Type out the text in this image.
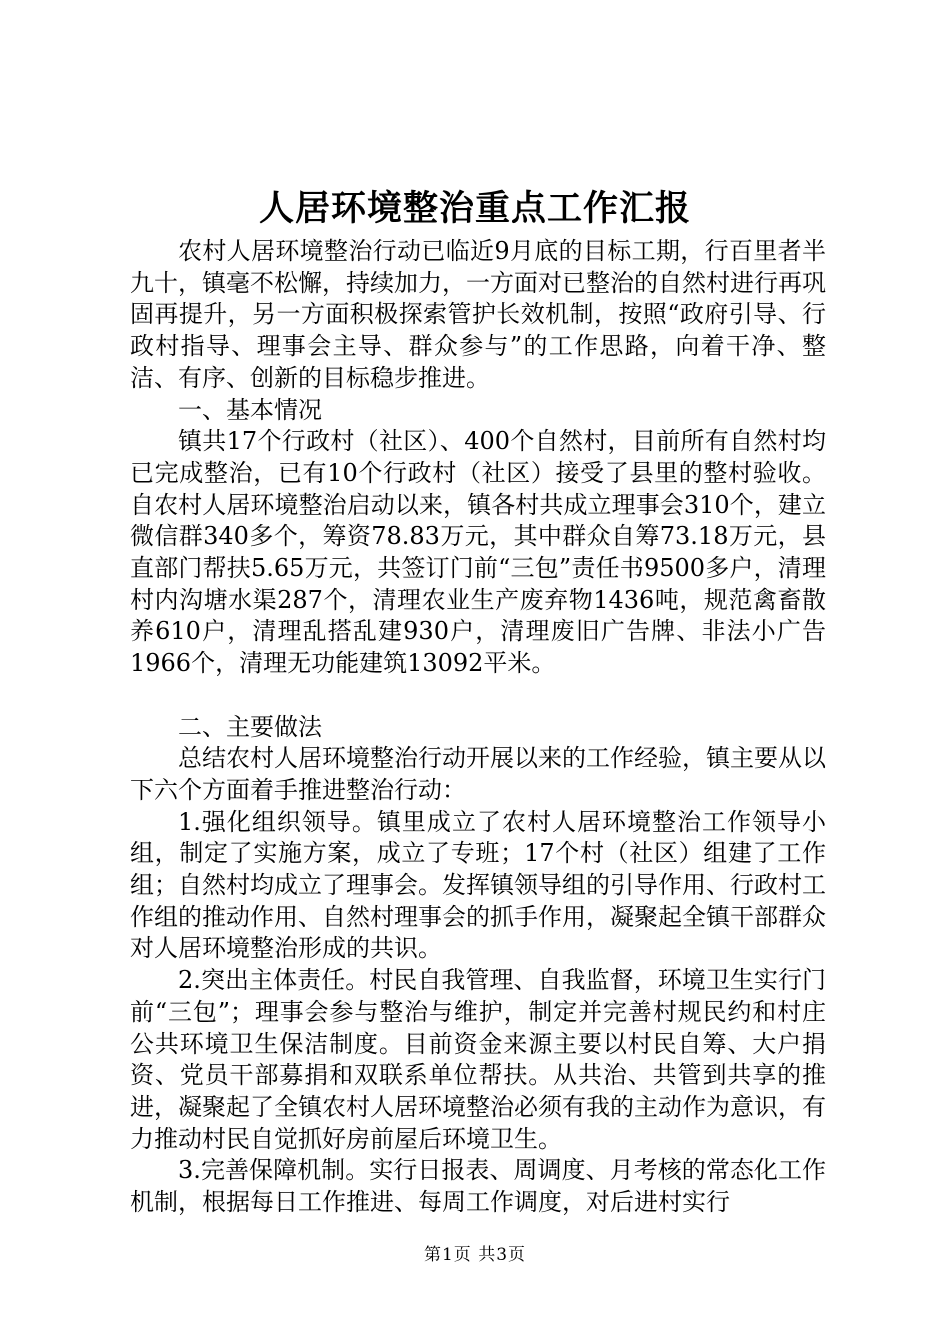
人居环境整治重点工作汇报

农村人居环境整治行动已临近9月底的目标工期，行百里者半九十，镇毫不松懈，持续加力，一方面对已整治的自然村进行再巩固再提升，另一方面积极探索管护长效机制，按照“政府引导、行政村指导、理事会主导、群众参与”的工作思路，向着干净、整洁、有序、创新的目标稳步推进。

一、基本情况

镇共17个行政村（社区）、400个自然村，目前所有自然村均已完成整治，已有10个行政村（社区）接受了县里的整村验收。自农村人居环境整治启动以来，镇各村共成立理事会310个，建立微信群340多个，筹资78.83万元，其中群众自筹73.18万元，县直部门帮扶5.65万元，共签订门前“三包”责任书9500多户，清理村内沟塘水渠287个，清理农业生产废弃物1436吨，规范禽畜散养610户，清理乱搭乱建930户，清理废旧广告牌、非法小广告1966个，清理无功能建筑13092平米。

二、主要做法

总结农村人居环境整治行动开展以来的工作经验，镇主要从以下六个方面着手推进整治行动：

1.强化组织领导。镇里成立了农村人居环境整治工作领导小组，制定了实施方案，成立了专班；17个村（社区）组建了工作组；自然村均成立了理事会。发挥镇领导组的引导作用、行政村工作组的推动作用、自然村理事会的抓手作用，凝聚起全镇干部群众对人居环境整治形成的共识。

2.突出主体责任。村民自我管理、自我监督，环境卫生实行门前“三包”；理事会参与整治与维护，制定并完善村规民约和村庄公共环境卫生保洁制度。目前资金来源主要以村民自筹、大户捐资、党员干部募捐和双联系单位帮扶。从共治、共管到共享的推进，凝聚起了全镇农村人居环境整治必须有我的主动作为意识，有力推动村民自觉抓好房前屋后环境卫生。

3.完善保障机制。实行日报表、周调度、月考核的常态化工作机制，根据每日工作推进、每周工作调度，对后进村实行

第1页 共3页
